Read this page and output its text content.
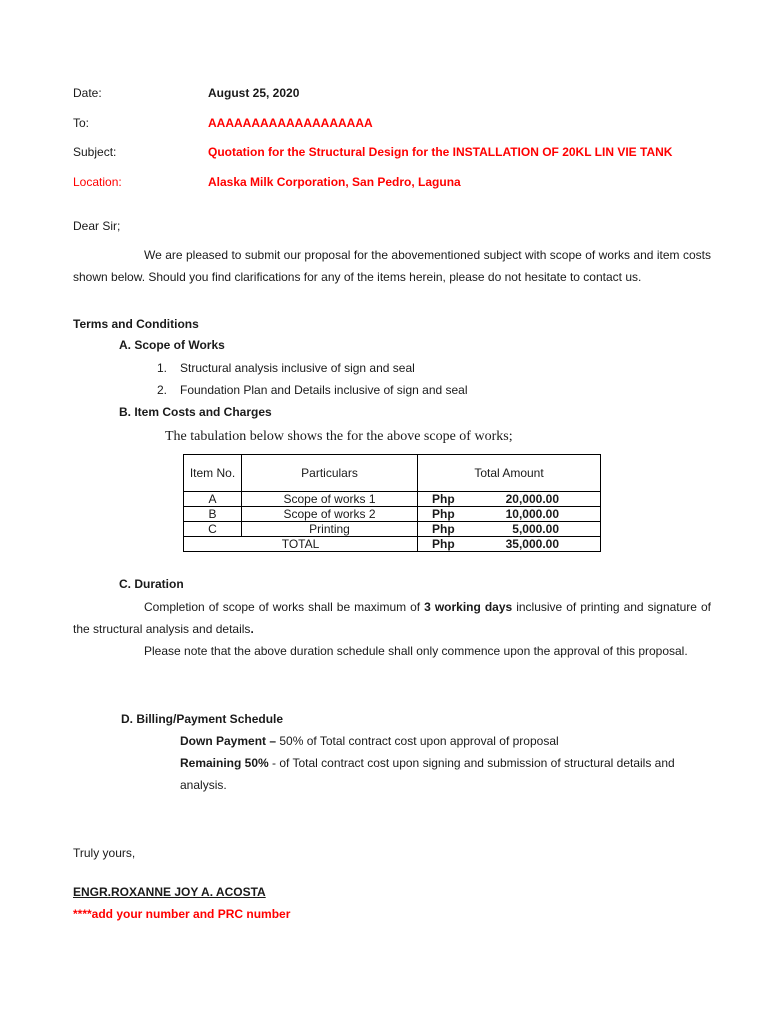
Date:	August 25, 2020
To:	AAAAAAAAAAAAAAAAAAA
Subject:	Quotation for the Structural Design for the INSTALLATION OF 20KL LIN VIE TANK
Location:	Alaska Milk Corporation, San Pedro, Laguna
Dear Sir;
We are pleased to submit our proposal for the abovementioned subject with scope of works and item costs shown below. Should you find clarifications for any of the items herein, please do not hesitate to contact us.
Terms and Conditions
A. Scope of Works
1. Structural analysis inclusive of sign and seal
2. Foundation Plan and Details inclusive of sign and seal
B. Item Costs and Charges
The tabulation below shows the for the above scope of works;
Item No.	Particulars	Total Amount
A	Scope of works 1	Php 20,000.00

B	Scope of works 2	Php 10,000.00

C	Printing	Php 5,000.00

TOTAL		Php 35,000.00
C. Duration
Completion of scope of works shall be maximum of 3 working days inclusive of printing and signature of the structural analysis and details.
Please note that the above duration schedule shall only commence upon the approval of this proposal.
D. Billing/Payment Schedule
Down Payment – 50% of Total contract cost upon approval of proposal
Remaining 50% - of Total contract cost upon signing and submission of structural details and analysis.
Truly yours,
ENGR.ROXANNE JOY A. ACOSTA
****add your number and PRC number
